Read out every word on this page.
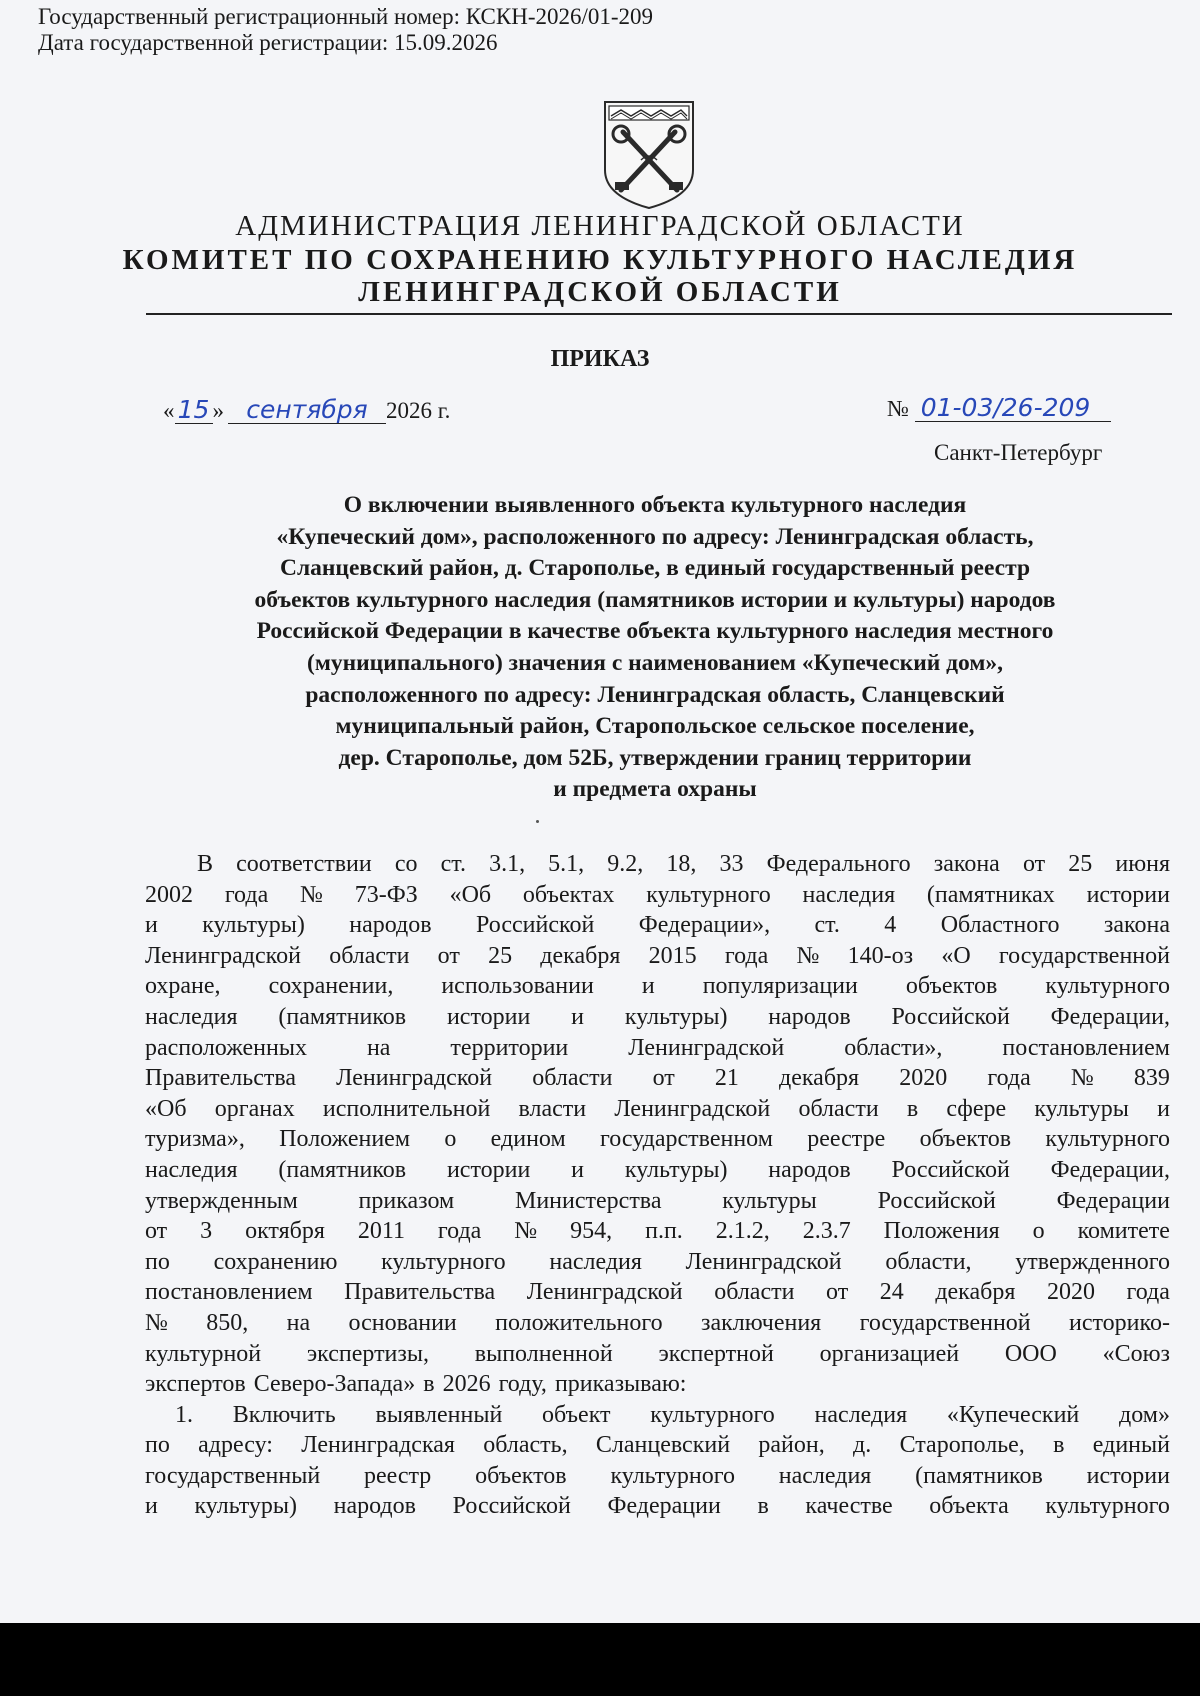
Государственный регистрационный номер: КСКН-2026/01-209
Дата государственной регистрации: 15.09.2026
АДМИНИСТРАЦИЯ ЛЕНИНГРАДСКОЙ ОБЛАСТИ
КОМИТЕТ ПО СОХРАНЕНИЮ КУЛЬТУРНОГО НАСЛЕДИЯ
ЛЕНИНГРАДСКОЙ ОБЛАСТИ
ПРИКАЗ
« 15 » сентября 2026 г.	№ 01-03/26-209
Санкт-Петербург
О включении выявленного объекта культурного наследия
«Купеческий дом», расположенного по адресу: Ленинградская область,
Сланцевский район, д. Старополье, в единый государственный реестр
объектов культурного наследия (памятников истории и культуры) народов
Российской Федерации в качестве объекта культурного наследия местного
(муниципального) значения с наименованием «Купеческий дом»,
расположенного по адресу: Ленинградская область, Сланцевский
муниципальный район, Старопольское сельское поселение,
дер. Старополье, дом 52Б, утверждении границ территории
и предмета охраны
В соответствии со ст. 3.1, 5.1, 9.2, 18, 33 Федерального закона от 25 июня
2002 года № 73-ФЗ «Об объектах культурного наследия (памятниках истории
и культуры) народов Российской Федерации», ст. 4 Областного закона
Ленинградской области от 25 декабря 2015 года № 140-оз «О государственной
охране, сохранении, использовании и популяризации объектов культурного
наследия (памятников истории и культуры) народов Российской Федерации,
расположенных на территории Ленинградской области», постановлением
Правительства Ленинградской области от 21 декабря 2020 года № 839
«Об органах исполнительной власти Ленинградской области в сфере культуры и
туризма», Положением о едином государственном реестре объектов культурного
наследия (памятников истории и культуры) народов Российской Федерации,
утвержденным	приказом	Министерства	культуры	Российской	Федерации
от 3 октября 2011 года № 954, п.п. 2.1.2, 2.3.7 Положения о комитете
по сохранению культурного наследия Ленинградской области, утвержденного
постановлением Правительства Ленинградской области от 24 декабря 2020 года
№ 850, на основании положительного заключения государственной историко-
культурной экспертизы, выполненной экспертной организацией ООО «Союз
экспертов Северо-Запада» в 2026 году, приказываю:
1. Включить выявленный объект культурного наследия «Купеческий дом»
по адресу: Ленинградская область, Сланцевский район, д. Старополье, в единый
государственный реестр объектов культурного наследия (памятников истории
и культуры) народов Российской Федерации в качестве объекта культурного
